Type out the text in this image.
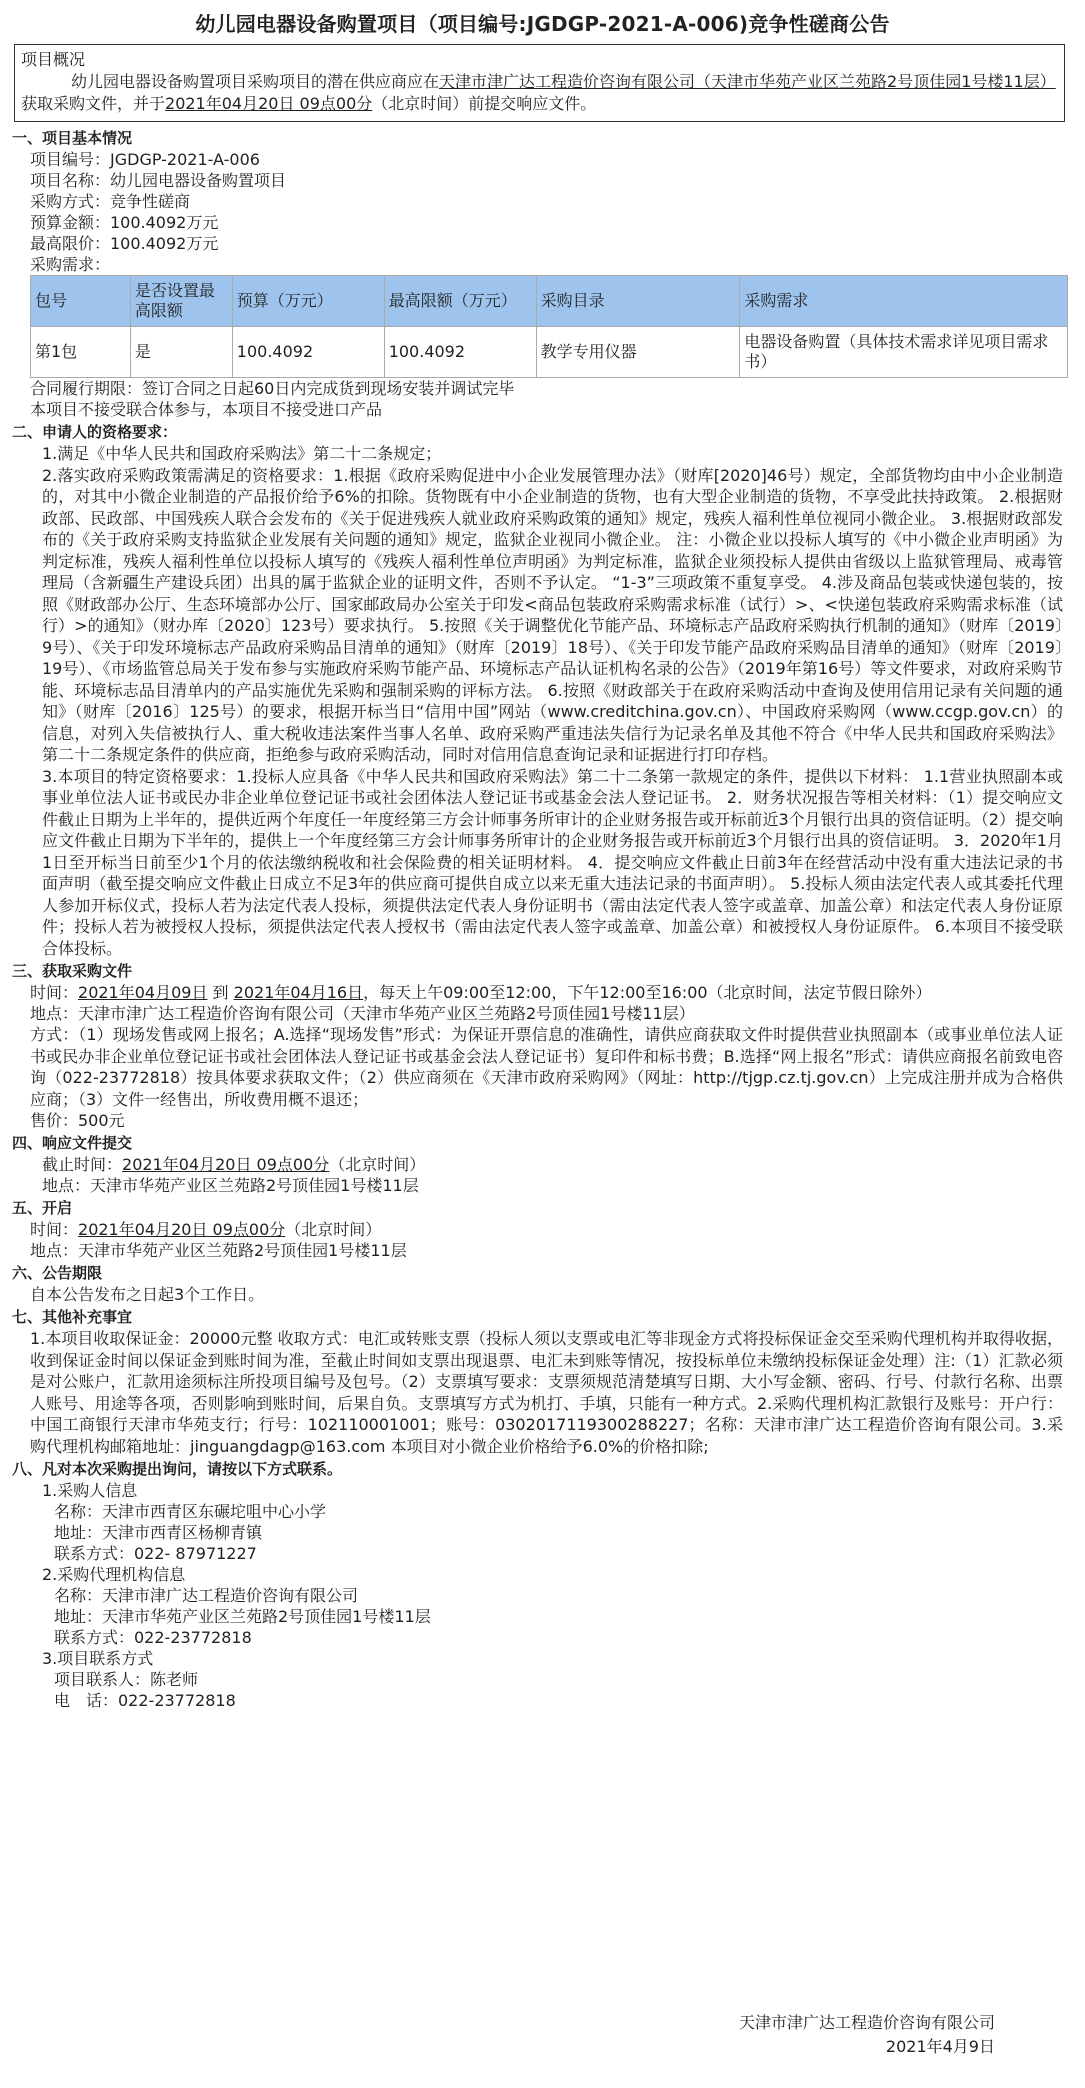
幼儿园电器设备购置项目（项目编号:JGDGP-2021-A-006)竞争性磋商公告
项目概况
幼儿园电器设备购置项目采购项目的潜在供应商应在天津市津广达工程造价咨询有限公司（天津市华苑产业区兰苑路2号顶佳园1号楼11层）获取采购文件，并于2021年04月20日 09点00分（北京时间）前提交响应文件。
一、项目基本情况
项目编号：JGDGP-2021-A-006
项目名称：幼儿园电器设备购置项目
采购方式：竞争性磋商
预算金额：100.4092万元
最高限价：100.4092万元
采购需求：
包号	是否设置最高限额	预算（万元）	最高限额（万元）	采购目录	采购需求
第1包	是	100.4092	100.4092	教学专用仪器	电器设备购置（具体技术需求详见项目需求书）
合同履行期限：签订合同之日起60日内完成货到现场安装并调试完毕
本项目不接受联合体参与，本项目不接受进口产品
二、申请人的资格要求：
1.满足《中华人民共和国政府采购法》第二十二条规定；
2.落实政府采购政策需满足的资格要求：1.根据《政府采购促进中小企业发展管理办法》（财库[2020]46号）规定，全部货物均由中小企业制造的，对其中小微企业制造的产品报价给予6%的扣除。货物既有中小企业制造的货物，也有大型企业制造的货物，不享受此扶持政策。 2.根据财政部、民政部、中国残疾人联合会发布的《关于促进残疾人就业政府采购政策的通知》规定，残疾人福利性单位视同小微企业。 3.根据财政部发布的《关于政府采购支持监狱企业发展有关问题的通知》规定，监狱企业视同小微企业。 注：小微企业以投标人填写的《中小微企业声明函》为判定标准，残疾人福利性单位以投标人填写的《残疾人福利性单位声明函》为判定标准，监狱企业须投标人提供由省级以上监狱管理局、戒毒管理局（含新疆生产建设兵团）出具的属于监狱企业的证明文件，否则不予认定。 “1-3”三项政策不重复享受。 4.涉及商品包装或快递包装的，按照《财政部办公厅、生态环境部办公厅、国家邮政局办公室关于印发<商品包装政府采购需求标准（试行）>、<快递包装政府采购需求标准（试行）>的通知》（财办库〔2020〕123号）要求执行。 5.按照《关于调整优化节能产品、环境标志产品政府采购执行机制的通知》（财库〔2019〕9号）、《关于印发环境标志产品政府采购品目清单的通知》（财库〔2019〕18号）、《关于印发节能产品政府采购品目清单的通知》（财库〔2019〕19号）、《市场监管总局关于发布参与实施政府采购节能产品、环境标志产品认证机构名录的公告》（2019年第16号）等文件要求，对政府采购节能、环境标志品目清单内的产品实施优先采购和强制采购的评标方法。 6.按照《财政部关于在政府采购活动中查询及使用信用记录有关问题的通知》（财库〔2016〕125号）的要求，根据开标当日“信用中国”网站（www.creditchina.gov.cn）、中国政府采购网（www.ccgp.gov.cn）的信息，对列入失信被执行人、重大税收违法案件当事人名单、政府采购严重违法失信行为记录名单及其他不符合《中华人民共和国政府采购法》第二十二条规定条件的供应商，拒绝参与政府采购活动，同时对信用信息查询记录和证据进行打印存档。
3.本项目的特定资格要求：1.投标人应具备《中华人民共和国政府采购法》第二十二条第一款规定的条件，提供以下材料： 1.1营业执照副本或事业单位法人证书或民办非企业单位登记证书或社会团体法人登记证书或基金会法人登记证书。 2．财务状况报告等相关材料：（1）提交响应文件截止日期为上半年的，提供近两个年度任一年度经第三方会计师事务所审计的企业财务报告或开标前近3个月银行出具的资信证明。（2）提交响应文件截止日期为下半年的，提供上一个年度经第三方会计师事务所审计的企业财务报告或开标前近3个月银行出具的资信证明。 3．2020年1月1日至开标当日前至少1个月的依法缴纳税收和社会保险费的相关证明材料。 4．提交响应文件截止日前3年在经营活动中没有重大违法记录的书面声明（截至提交响应文件截止日成立不足3年的供应商可提供自成立以来无重大违法记录的书面声明）。 5.投标人须由法定代表人或其委托代理人参加开标仪式，投标人若为法定代表人投标，须提供法定代表人身份证明书（需由法定代表人签字或盖章、加盖公章）和法定代表人身份证原件；投标人若为被授权人投标，须提供法定代表人授权书（需由法定代表人签字或盖章、加盖公章）和被授权人身份证原件。 6.本项目不接受联合体投标。
三、获取采购文件
时间：2021年04月09日 到 2021年04月16日，每天上午09:00至12:00，下午12:00至16:00（北京时间，法定节假日除外）
地点：天津市津广达工程造价咨询有限公司（天津市华苑产业区兰苑路2号顶佳园1号楼11层）
方式：（1）现场发售或网上报名；A.选择“现场发售”形式：为保证开票信息的准确性，请供应商获取文件时提供营业执照副本（或事业单位法人证书或民办非企业单位登记证书或社会团体法人登记证书或基金会法人登记证书）复印件和标书费；B.选择“网上报名”形式：请供应商报名前致电咨询（022-23772818）按具体要求获取文件；（2）供应商须在《天津市政府采购网》（网址：http://tjgp.cz.tj.gov.cn）上完成注册并成为合格供应商；（3）文件一经售出，所收费用概不退还；
售价：500元
四、响应文件提交
截止时间：2021年04月20日 09点00分（北京时间）
地点：天津市华苑产业区兰苑路2号顶佳园1号楼11层
五、开启
时间：2021年04月20日 09点00分（北京时间）
地点：天津市华苑产业区兰苑路2号顶佳园1号楼11层
六、公告期限
自本公告发布之日起3个工作日。
七、其他补充事宜
1.本项目收取保证金：20000元整 收取方式：电汇或转账支票（投标人须以支票或电汇等非现金方式将投标保证金交至采购代理机构并取得收据，收到保证金时间以保证金到账时间为准，至截止时间如支票出现退票、电汇未到账等情况，按投标单位未缴纳投标保证金处理）注:（1）汇款必须是对公账户，汇款用途须标注所投项目编号及包号。（2）支票填写要求：支票须规范清楚填写日期、大小写金额、密码、行号、付款行名称、出票人账号、用途等各项，否则影响到账时间，后果自负。支票填写方式为机打、手填，只能有一种方式。2.采购代理机构汇款银行及账号：开户行：中国工商银行天津市华苑支行；行号：102110001001；账号：0302017119300288227；名称：天津市津广达工程造价咨询有限公司。3.采购代理机构邮箱地址：jinguangdagp@163.com 本项目对小微企业价格给予6.0%的价格扣除;
八、凡对本次采购提出询问，请按以下方式联系。
1.采购人信息
名称：天津市西青区东碾坨咀中心小学
地址：天津市西青区杨柳青镇
联系方式：022- 87971227
2.采购代理机构信息
名称：天津市津广达工程造价咨询有限公司
地址：天津市华苑产业区兰苑路2号顶佳园1号楼11层
联系方式：022-23772818
3.项目联系方式
项目联系人：陈老师
电　话：022-23772818
天津市津广达工程造价咨询有限公司
2021年4月9日
